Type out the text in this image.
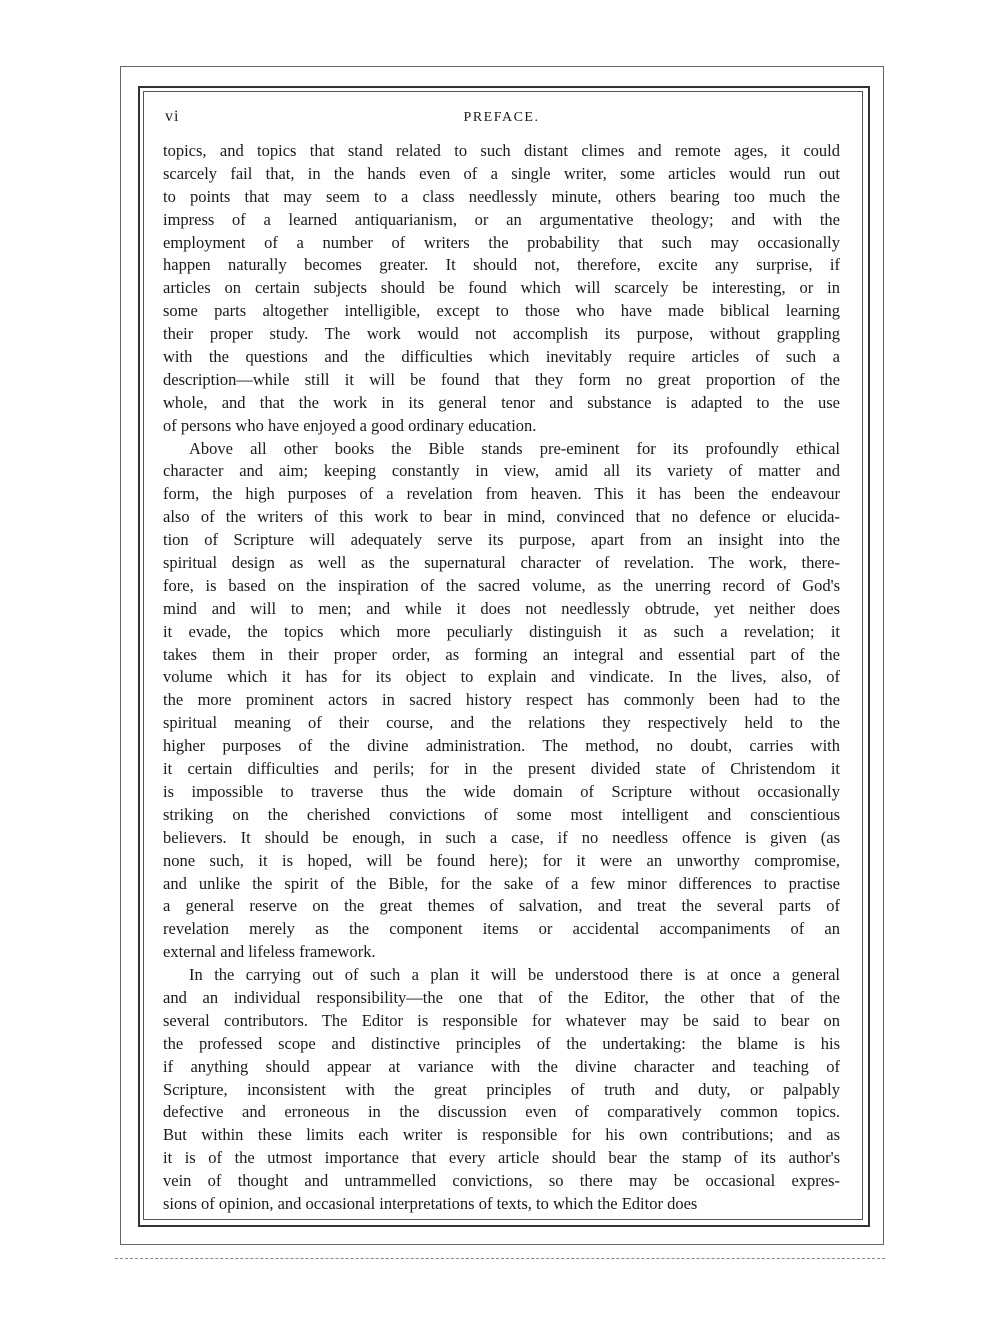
vi	PREFACE.
topics, and topics that stand related to such distant climes and remote ages, it could
scarcely fail that, in the hands even of a single writer, some articles would run out
to points that may seem to a class needlessly minute, others bearing too much the
impress of a learned antiquarianism, or an argumentative theology; and with the
employment of a number of writers the probability that such may occasionally
happen naturally becomes greater. It should not, therefore, excite any surprise, if
articles on certain subjects should be found which will scarcely be interesting, or in
some parts altogether intelligible, except to those who have made biblical learning
their proper study. The work would not accomplish its purpose, without grappling
with the questions and the difficulties which inevitably require articles of such a
description—while still it will be found that they form no great proportion of the
whole, and that the work in its general tenor and substance is adapted to the use
of persons who have enjoyed a good ordinary education.
Above all other books the Bible stands pre-eminent for its profoundly ethical
character and aim; keeping constantly in view, amid all its variety of matter and
form, the high purposes of a revelation from heaven. This it has been the endeavour
also of the writers of this work to bear in mind, convinced that no defence or elucida-
tion of Scripture will adequately serve its purpose, apart from an insight into the
spiritual design as well as the supernatural character of revelation. The work, there-
fore, is based on the inspiration of the sacred volume, as the unerring record of God's
mind and will to men; and while it does not needlessly obtrude, yet neither does
it evade, the topics which more peculiarly distinguish it as such a revelation; it
takes them in their proper order, as forming an integral and essential part of the
volume which it has for its object to explain and vindicate. In the lives, also, of
the more prominent actors in sacred history respect has commonly been had to the
spiritual meaning of their course, and the relations they respectively held to the
higher purposes of the divine administration. The method, no doubt, carries with
it certain difficulties and perils; for in the present divided state of Christendom it
is impossible to traverse thus the wide domain of Scripture without occasionally
striking on the cherished convictions of some most intelligent and conscientious
believers. It should be enough, in such a case, if no needless offence is given (as
none such, it is hoped, will be found here); for it were an unworthy compromise,
and unlike the spirit of the Bible, for the sake of a few minor differences to practise
a general reserve on the great themes of salvation, and treat the several parts of
revelation merely as the component items or accidental accompaniments of an
external and lifeless framework.
In the carrying out of such a plan it will be understood there is at once a general
and an individual responsibility—the one that of the Editor, the other that of the
several contributors. The Editor is responsible for whatever may be said to bear on
the professed scope and distinctive principles of the undertaking: the blame is his
if anything should appear at variance with the divine character and teaching of
Scripture, inconsistent with the great principles of truth and duty, or palpably
defective and erroneous in the discussion even of comparatively common topics.
But within these limits each writer is responsible for his own contributions; and as
it is of the utmost importance that every article should bear the stamp of its author's
vein of thought and untrammelled convictions, so there may be occasional expres-
sions of opinion, and occasional interpretations of texts, to which the Editor does
